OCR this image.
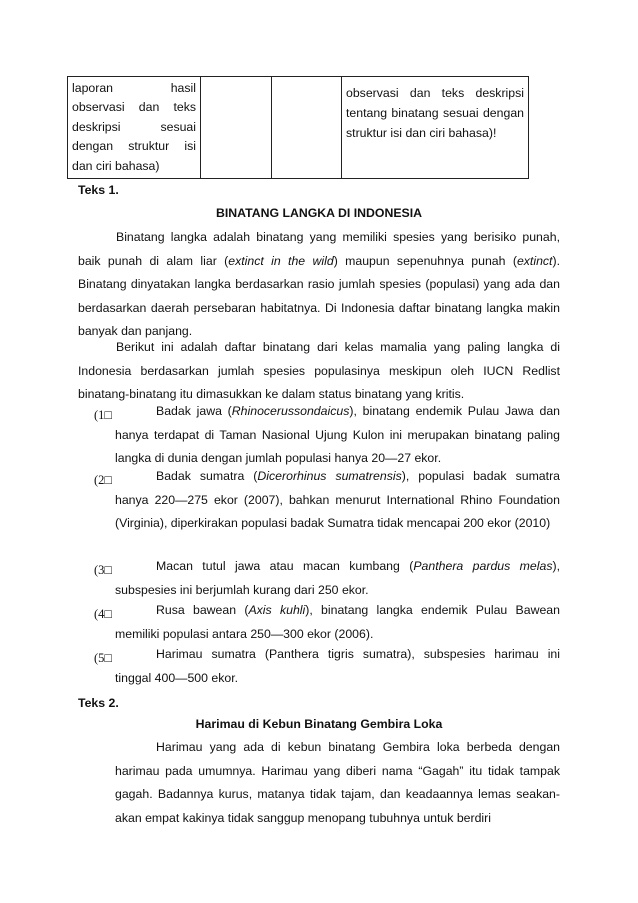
laporan hasil observasi dan teks deskripsi sesuai dengan struktur isi dan ciri bahasa)			observasi dan teks deskripsi tentang binatang sesuai dengan struktur isi dan ciri bahasa)!
Teks 1.
BINATANG LANGKA DI INDONESIA
Binatang langka adalah binatang yang memiliki spesies yang berisiko punah, baik punah di alam liar (extinct in the wild) maupun sepenuhnya punah (extinct). Binatang dinyatakan langka berdasarkan rasio jumlah spesies (populasi) yang ada dan berdasarkan daerah persebaran habitatnya. Di Indonesia daftar binatang langka makin banyak dan panjang.
Berikut ini adalah daftar binatang dari kelas mamalia yang paling langka di Indonesia berdasarkan jumlah spesies populasinya meskipun oleh IUCN Redlist binatang-binatang itu dimasukkan ke dalam status binatang yang kritis.
(1□	Badak jawa (Rhinocerussondaicus), binatang endemik Pulau Jawa dan hanya terdapat di Taman Nasional Ujung Kulon ini merupakan binatang paling langka di dunia dengan jumlah populasi hanya 20—27 ekor.
(2□	Badak sumatra (Dicerorhinus sumatrensis), populasi badak sumatra hanya 220—275 ekor (2007), bahkan menurut International Rhino Foundation (Virginia), diperkirakan populasi badak Sumatra tidak mencapai 200 ekor (2010)
(3□	Macan tutul jawa atau macan kumbang (Panthera pardus melas), subspesies ini berjumlah kurang dari 250 ekor.
(4□	Rusa bawean (Axis kuhli), binatang langka endemik Pulau Bawean memiliki populasi antara 250—300 ekor (2006).
(5□	Harimau sumatra (Panthera tigris sumatra), subspesies harimau ini tinggal 400—500 ekor.
Teks 2.
Harimau di Kebun Binatang Gembira Loka
Harimau yang ada di kebun binatang Gembira loka berbeda dengan harimau pada umumnya. Harimau yang diberi nama “Gagah” itu tidak tampak gagah. Badannya kurus, matanya tidak tajam, dan keadaannya lemas seakan-akan empat kakinya tidak sanggup menopang tubuhnya untuk berdiri
